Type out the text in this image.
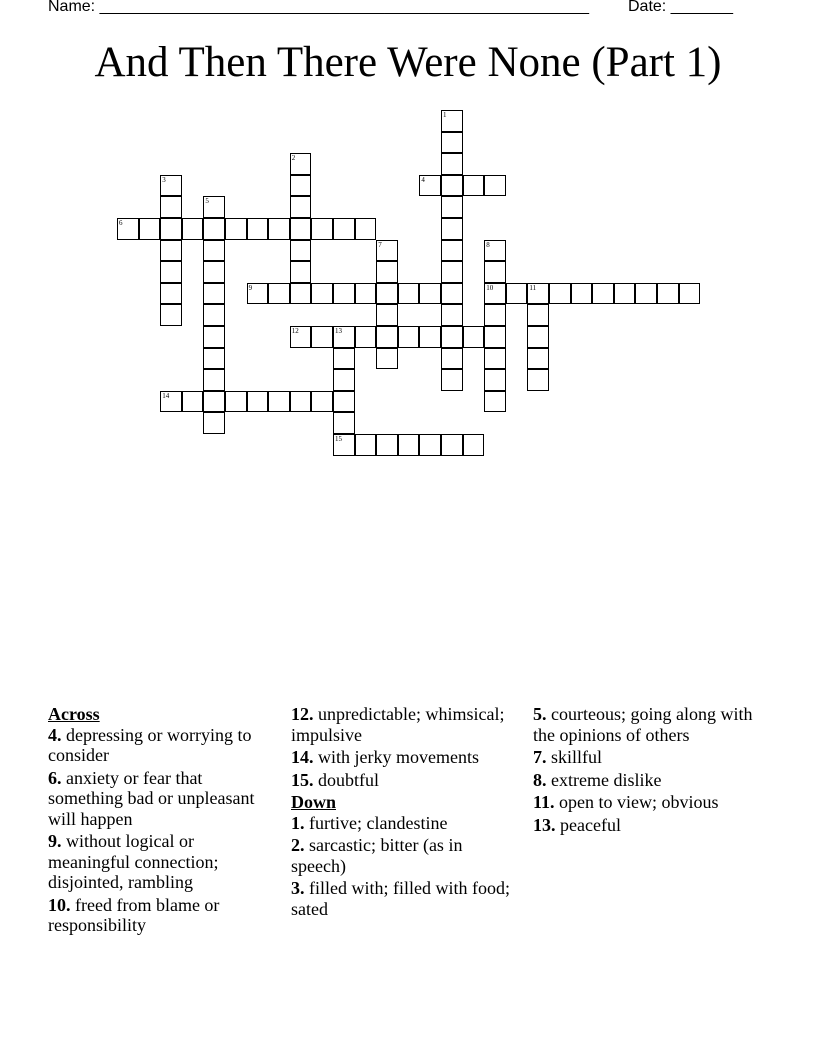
Name: _______________________________________________________ Date: _______
And Then There Were None (Part 1)
4
6
9	10	11
12	13
14
15
1
2
3
5
7	8
Across
4. depressing or worrying to consider
6. anxiety or fear that something bad or unpleasant will happen
9. without logical or meaningful connection; disjointed, rambling
10. freed from blame or responsibility
12. unpredictable; whimsical; impulsive
14. with jerky movements
15. doubtful
Down
1. furtive; clandestine
2. sarcastic; bitter (as in speech)
3. filled with; filled with food; sated
5. courteous; going along with the opinions of others
7. skillful
8. extreme dislike
11. open to view; obvious
13. peaceful
